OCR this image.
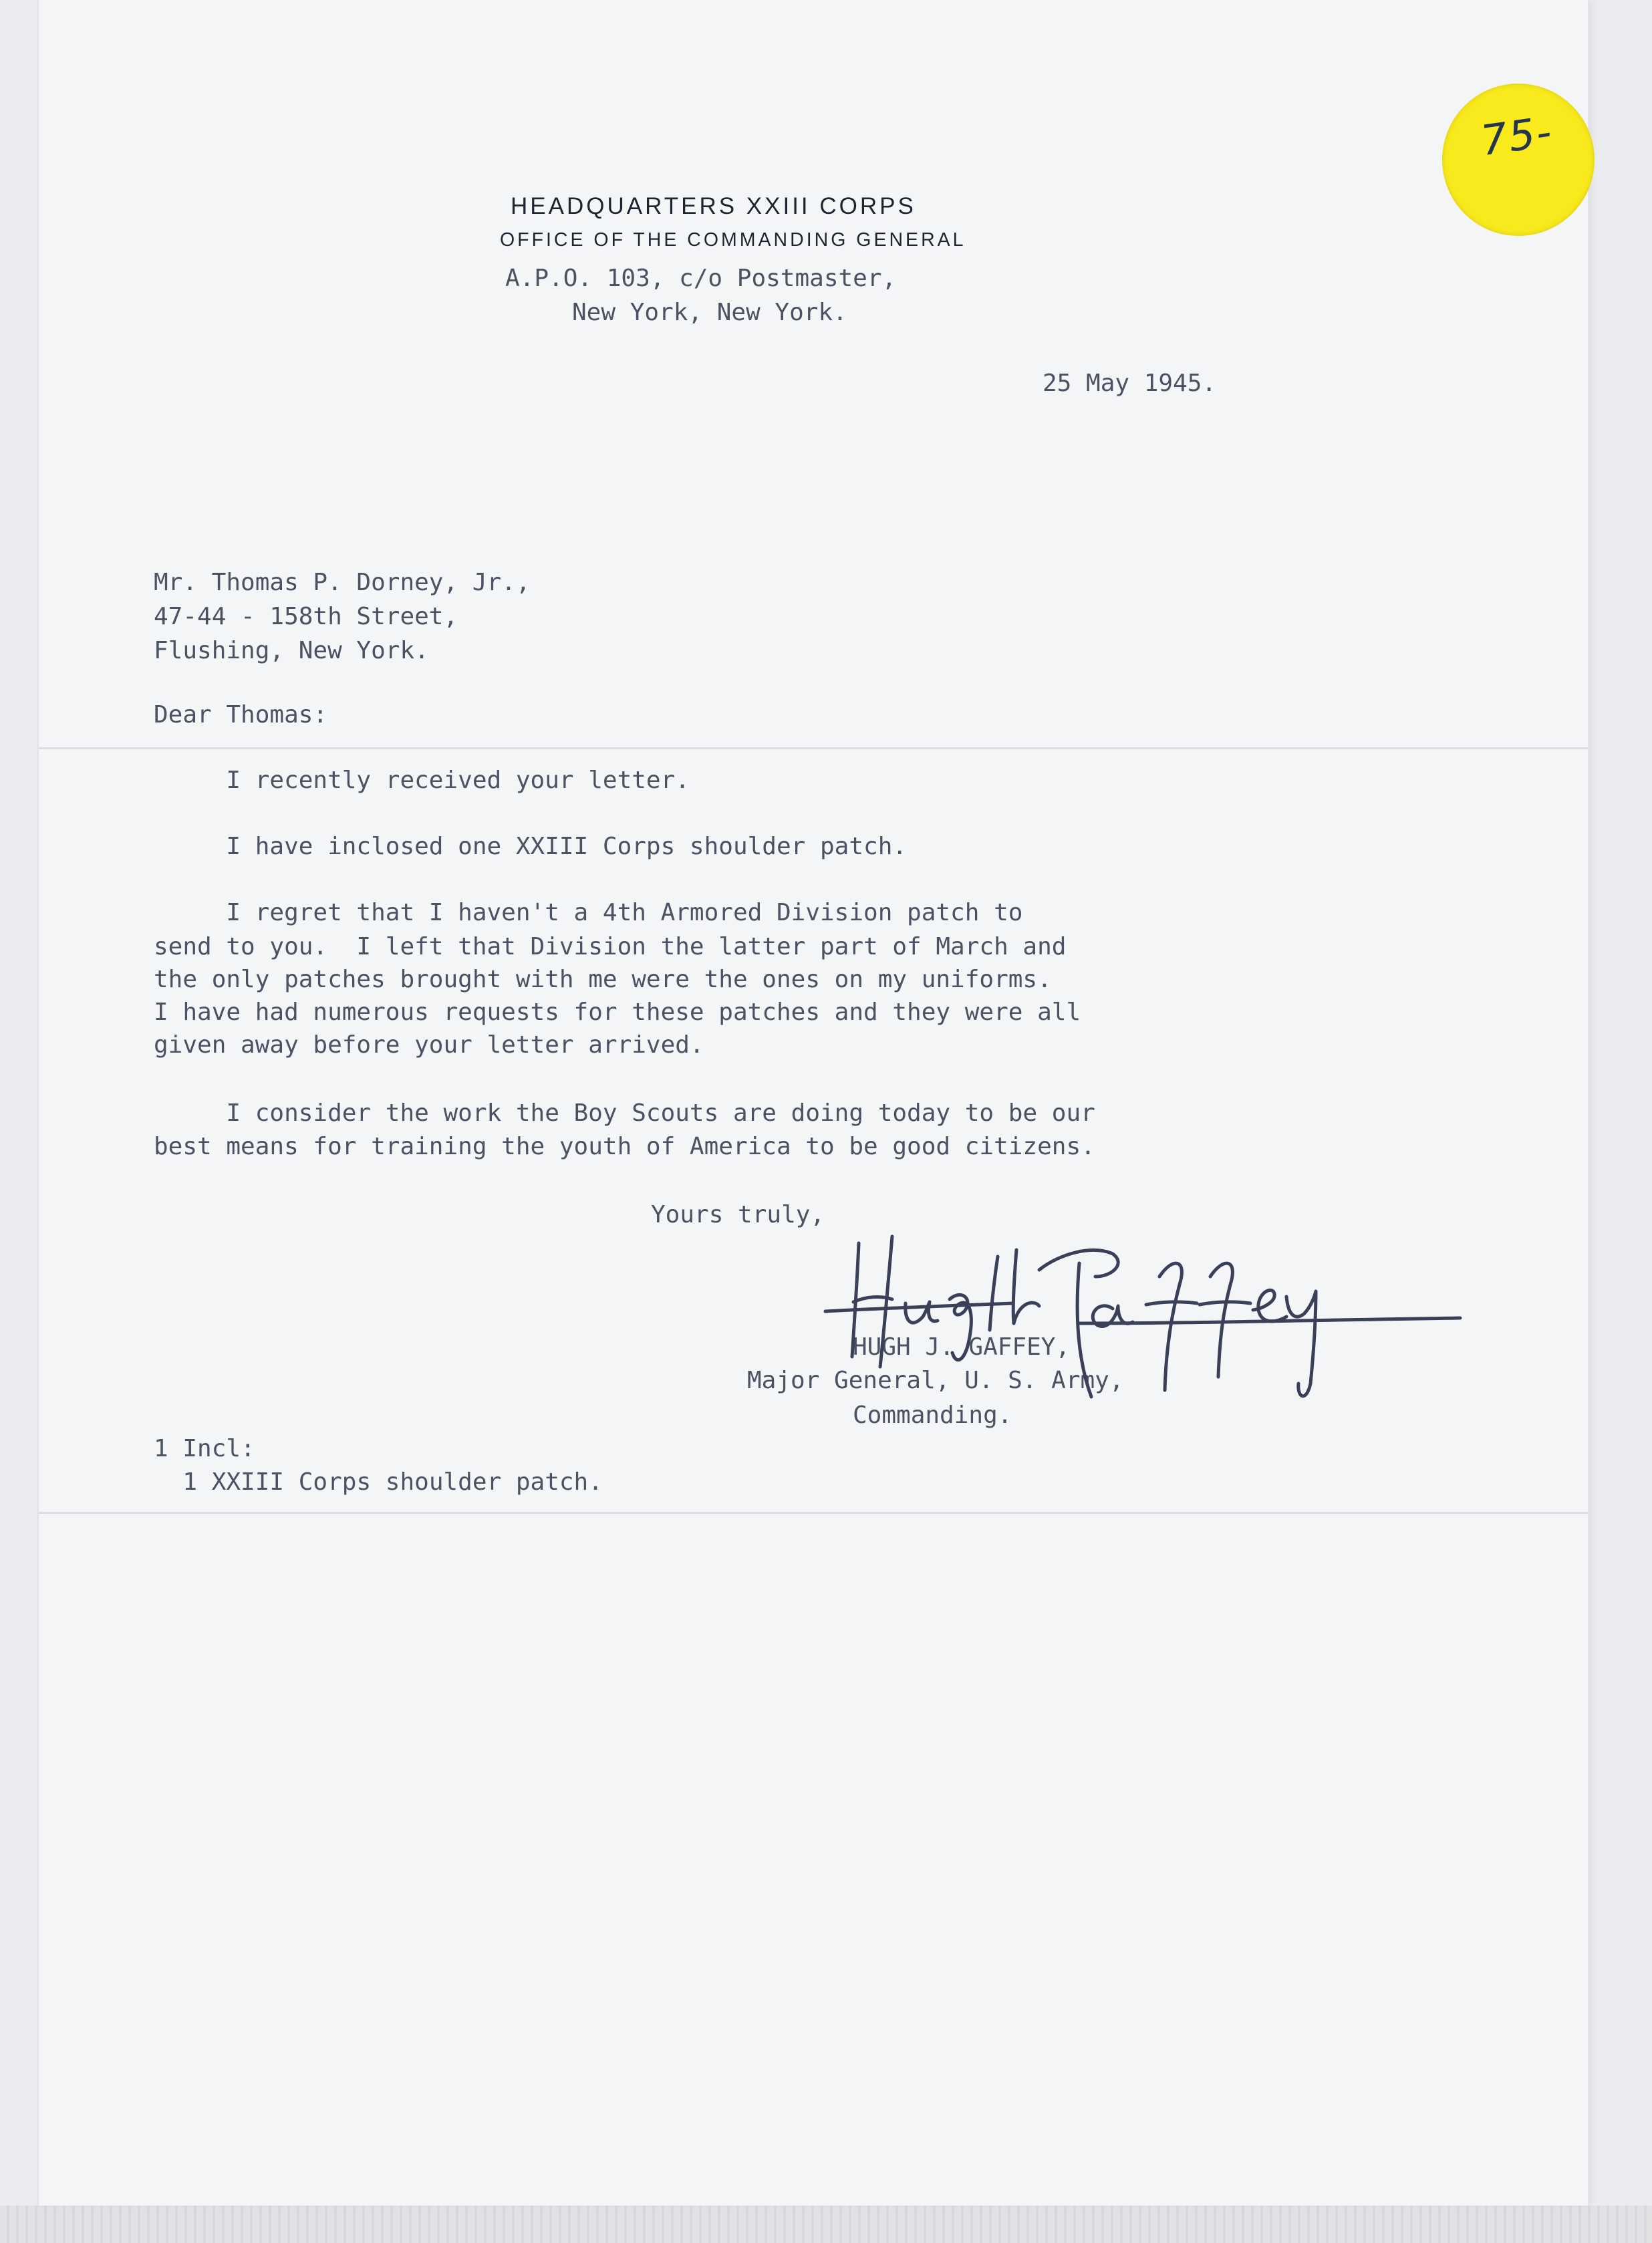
75-
HEADQUARTERS XXIII CORPS
OFFICE OF THE COMMANDING GENERAL
A.P.O. 103, c/o Postmaster,
New York, New York.
25 May 1945.
Mr. Thomas P. Dorney, Jr.,
47-44 - 158th Street,
Flushing, New York.
Dear Thomas:
I recently received your letter.
I have inclosed one XXIII Corps shoulder patch.
I regret that I haven't a 4th Armored Division patch to
send to you.  I left that Division the latter part of March and
the only patches brought with me were the ones on my uniforms.
I have had numerous requests for these patches and they were all
given away before your letter arrived.
I consider the work the Boy Scouts are doing today to be our
best means for training the youth of America to be good citizens.
Yours truly,
HUGH J. GAFFEY,
Major General, U. S. Army,
Commanding.
1 Incl:
1 XXIII Corps shoulder patch.
